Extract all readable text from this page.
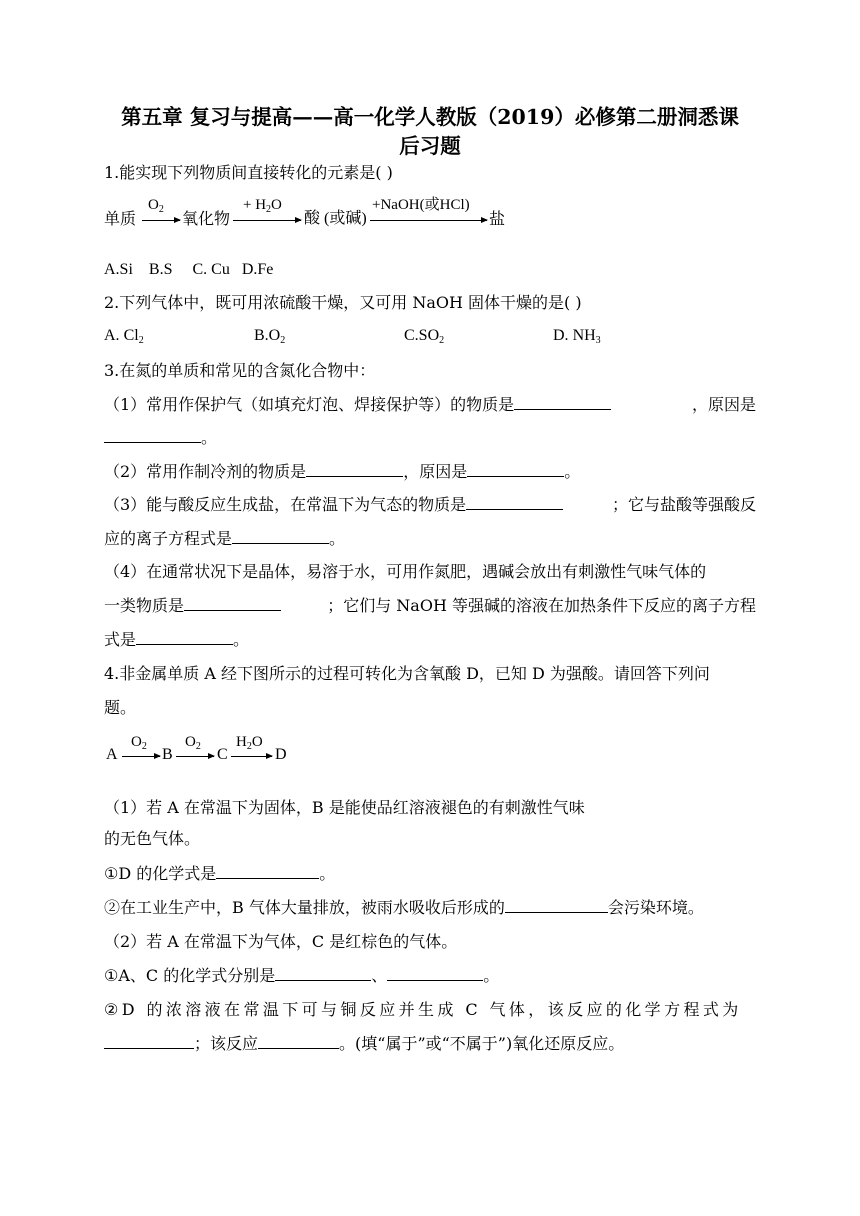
第五章 复习与提高——高一化学人教版（2019）必修第二册洞悉课
后习题
1.能实现下列物质间直接转化的元素是( )
单质
$O_2$ 氧化物
+ $H_2O$
酸 (或碱)
+NaOH(或HCl)
盐
A.Si    B.S     C. Cu   D.Fe
2.下列气体中，既可用浓硫酸干燥，又可用 NaOH 固体干燥的是( )
A. $Cl_2$	$B.O_2$	$C.SO_2$	D. $NH_3$
3.在氮的单质和常见的含氮化合物中：
（1）常用作保护气（如填充灯泡、焊接保护等）的物质是	，原因是
。
（2）常用作制冷剂的物质是	，原因是	。
（3）能与酸反应生成盐，在常温下为气态的物质是	；它与盐酸等强酸反
应的离子方程式是	。
（4）在通常状况下是晶体，易溶于水，可用作氮肥，遇碱会放出有刺激性气味气体的
一类物质是	；它们与 NaOH 等强碱的溶液在加热条件下反应的离子方程
式是	。
4.非金属单质 A 经下图所示的过程可转化为含氧酸 D，已知 D 为强酸。请回答下列问
题。
A
$O_2$ B
$O_2$ C
$H_2O$
D
（1）若 A 在常温下为固体，B 是能使品红溶液褪色的有刺激性气味
的无色气体。
①D 的化学式是	。
②在工业生产中，B 气体大量排放，被雨水吸收后形成的	会污染环境。
（2）若 A 在常温下为气体，C 是红棕色的气体。
①A、C 的化学式分别是	、	。
②D 的浓溶液在常温下可与铜反应并生成 C 气体，该反应的化学方程式为
；该反应	。(填“属于”或“不属于”)氧化还原反应。
